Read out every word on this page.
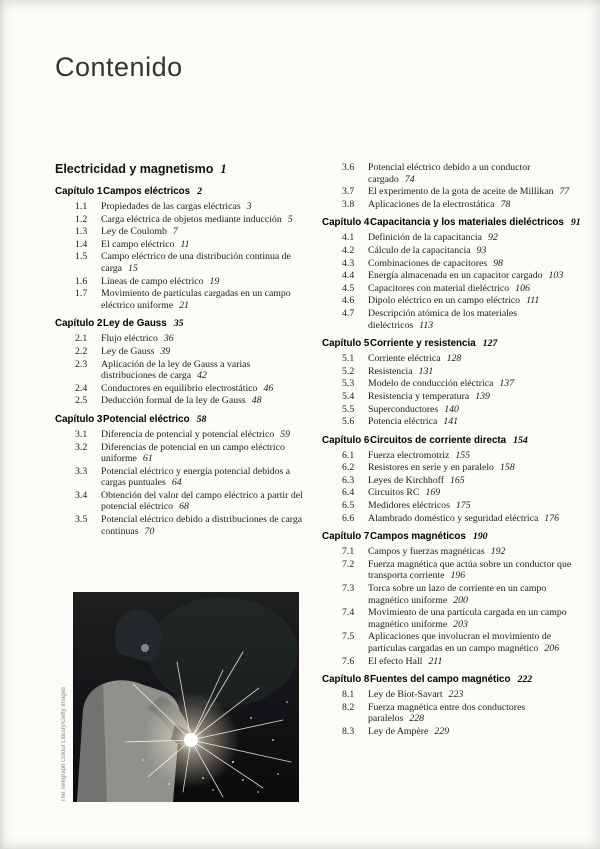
Contenido
Electricidad y magnetismo 1
Capítulo 1Campos eléctricos 2
1.1	Propiedades de las cargas eléctricas 3
1.2	Carga eléctrica de objetos mediante inducción 5
1.3	Ley de Coulomb 7
1.4	El campo eléctrico 11
1.5	Campo eléctrico de una distribución continua de carga 15
1.6	Líneas de campo eléctrico 19
1.7	Movimiento de partículas cargadas en un campo eléctrico uniforme 21
Capítulo 2Ley de Gauss 35
2.1	Flujo eléctrico 36
2.2	Ley de Gauss 39
2.3	Aplicación de la ley de Gauss a varias distribuciones de carga 42
2.4	Conductores en equilibrio electrostático 46
2.5	Deducción formal de la ley de Gauss 48
Capítulo 3Potencial eléctrico 58
3.1	Diferencia de potencial y potencial eléctrico 59
3.2	Diferencias de potencial en un campo eléctrico uniforme 61
3.3	Potencial eléctrico y energía potencial debidos a cargas puntuales 64
3.4	Obtención del valor del campo eléctrico a partir del potencial eléctrico 68
3.5	Potencial eléctrico debido a distribuciones de carga continuas 70
3.6	Potencial eléctrico debido a un conductor cargado 74
3.7	El experimento de la gota de aceite de Millikan 77
3.8	Aplicaciones de la electrostática 78
Capítulo 4Capacitancia y los materiales dieléctricos 91
4.1	Definición de la capacitancia 92
4.2	Cálculo de la capacitancia 93
4.3	Combinaciones de capacitores 98
4.4	Energía almacenada en un capacitor cargado 103
4.5	Capacitores con material dieléctrico 106
4.6	Dipolo eléctrico en un campo eléctrico 111
4.7	Descripción atómica de los materiales dieléctricos 113
Capítulo 5Corriente y resistencia 127
5.1	Corriente eléctrica 128
5.2	Resistencia 131
5.3	Modelo de conducción eléctrica 137
5.4	Resistencia y temperatura 139
5.5	Superconductores 140
5.6	Potencia eléctrica 141
Capítulo 6Circuitos de corriente directa 154
6.1	Fuerza electromotriz 155
6.2	Resistores en serie y en paralelo 158
6.3	Leyes de Kirchhoff 165
6.4	Circuitos RC 169
6.5	Medidores eléctricos 175
6.6	Alambrado doméstico y seguridad eléctrica 176
Capítulo 7Campos magnéticos 190
7.1	Campos y fuerzas magnéticas 192
7.2	Fuerza magnética que actúa sobre un conductor que transporta corriente 196
7.3	Torca sobre un lazo de corriente en un campo magnético uniforme 200
7.4	Movimiento de una partícula cargada en un campo magnético uniforme 203
7.5	Aplicaciones que involucran el movimiento de partículas cargadas en un campo magnético 206
7.6	El efecto Hall 211
Capítulo 8Fuentes del campo magnético 222
8.1	Ley de Biot-Savart 223
8.2	Fuerza magnética entre dos conductores paralelos 228
8.3	Ley de Ampère 229
The Telegraph Colour Library/Getty Images
